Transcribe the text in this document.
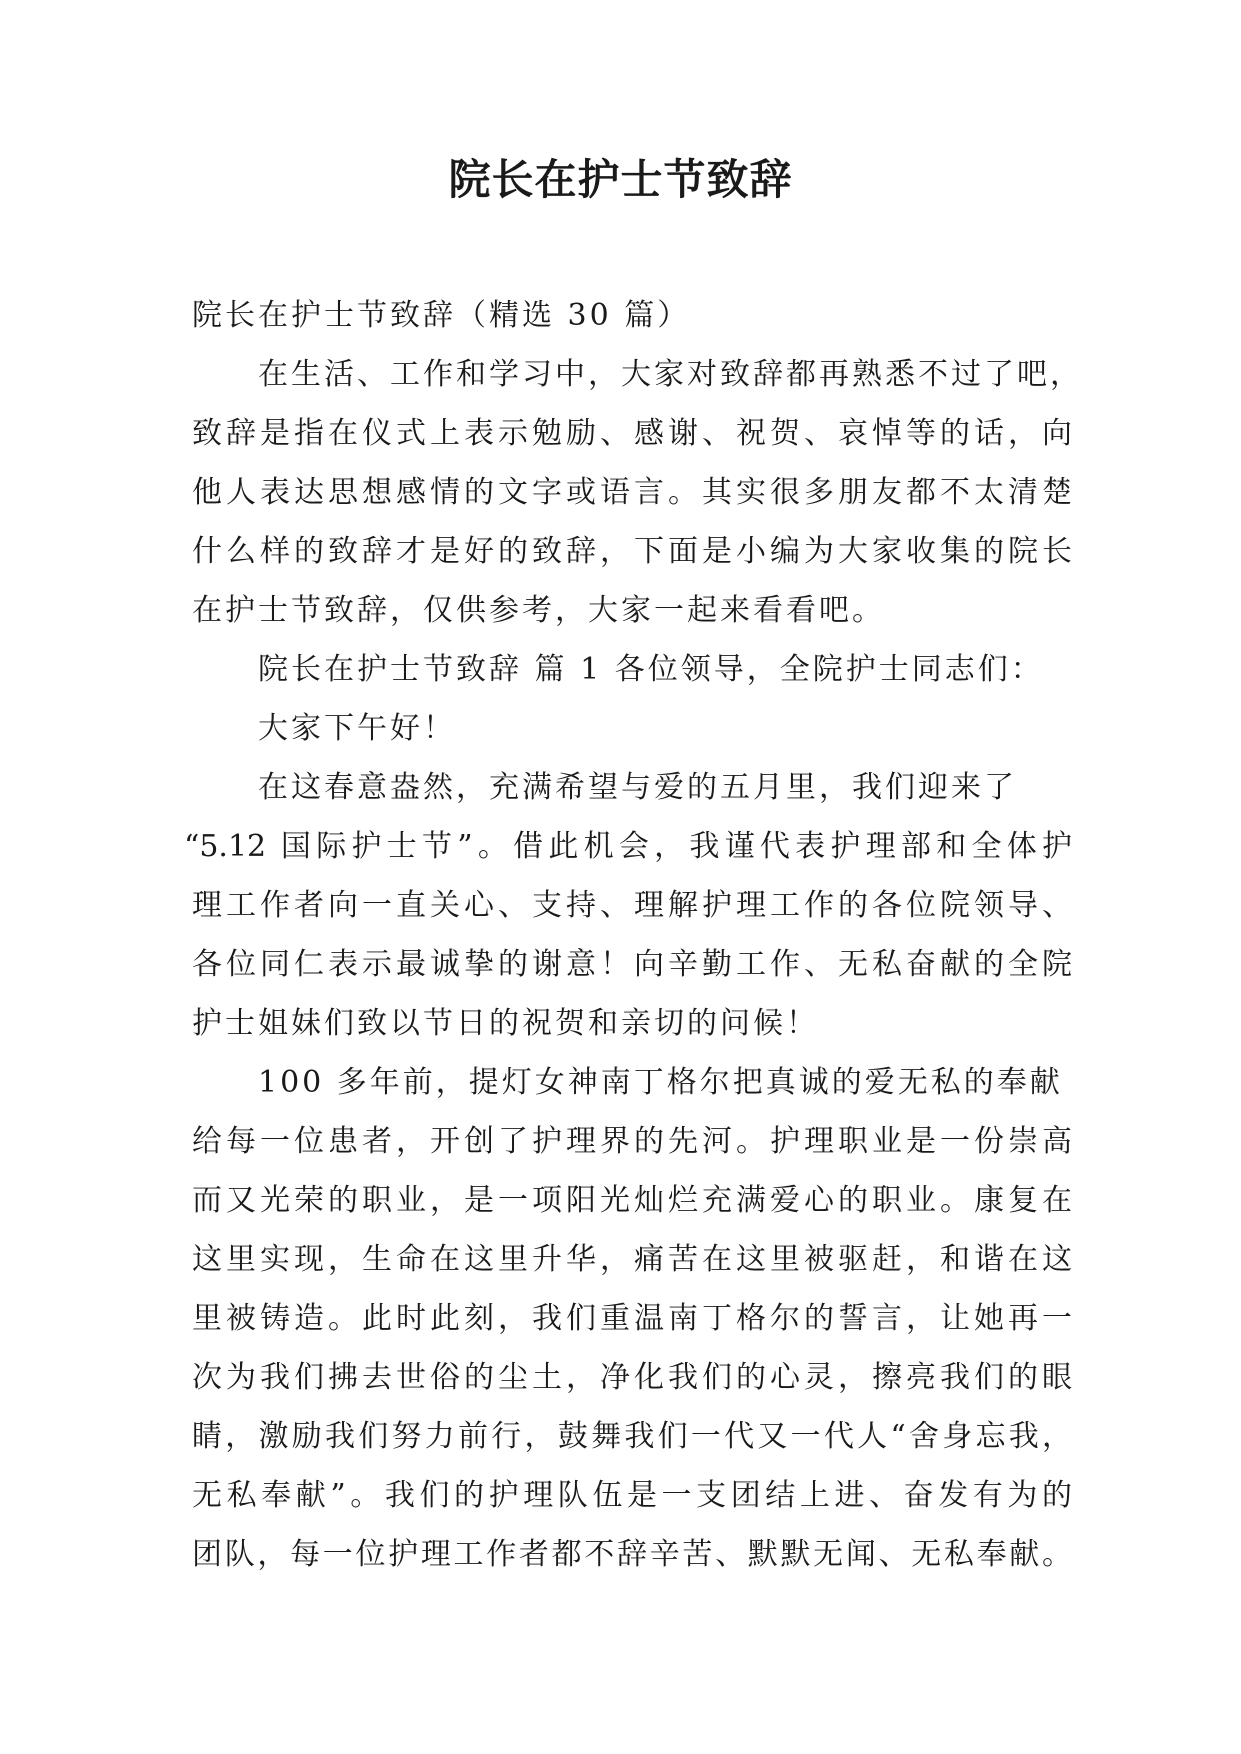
院长在护士节致辞
院长在护士节致辞（精选 30 篇）
在生活、工作和学习中，大家对致辞都再熟悉不过了吧，
致辞是指在仪式上表示勉励、感谢、祝贺、哀悼等的话，向
他人表达思想感情的文字或语言。其实很多朋友都不太清楚
什么样的致辞才是好的致辞，下面是小编为大家收集的院长
在护士节致辞，仅供参考，大家一起来看看吧。
院长在护士节致辞 篇 1 各位领导，全院护士同志们：
大家下午好！
在这春意盎然，充满希望与爱的五月里，我们迎来了
“5.12 国际护士节”。借此机会，我谨代表护理部和全体护
理工作者向一直关心、支持、理解护理工作的各位院领导、
各位同仁表示最诚挚的谢意！向辛勤工作、无私奋献的全院
护士姐妹们致以节日的祝贺和亲切的问候！
100 多年前，提灯女神南丁格尔把真诚的爱无私的奉献
给每一位患者，开创了护理界的先河。护理职业是一份崇高
而又光荣的职业，是一项阳光灿烂充满爱心的职业。康复在
这里实现，生命在这里升华，痛苦在这里被驱赶，和谐在这
里被铸造。此时此刻，我们重温南丁格尔的誓言，让她再一
次为我们拂去世俗的尘土，净化我们的心灵，擦亮我们的眼
睛，激励我们努力前行，鼓舞我们一代又一代人“舍身忘我，
无私奉献”。我们的护理队伍是一支团结上进、奋发有为的
团队，每一位护理工作者都不辞辛苦、默默无闻、无私奉献。
